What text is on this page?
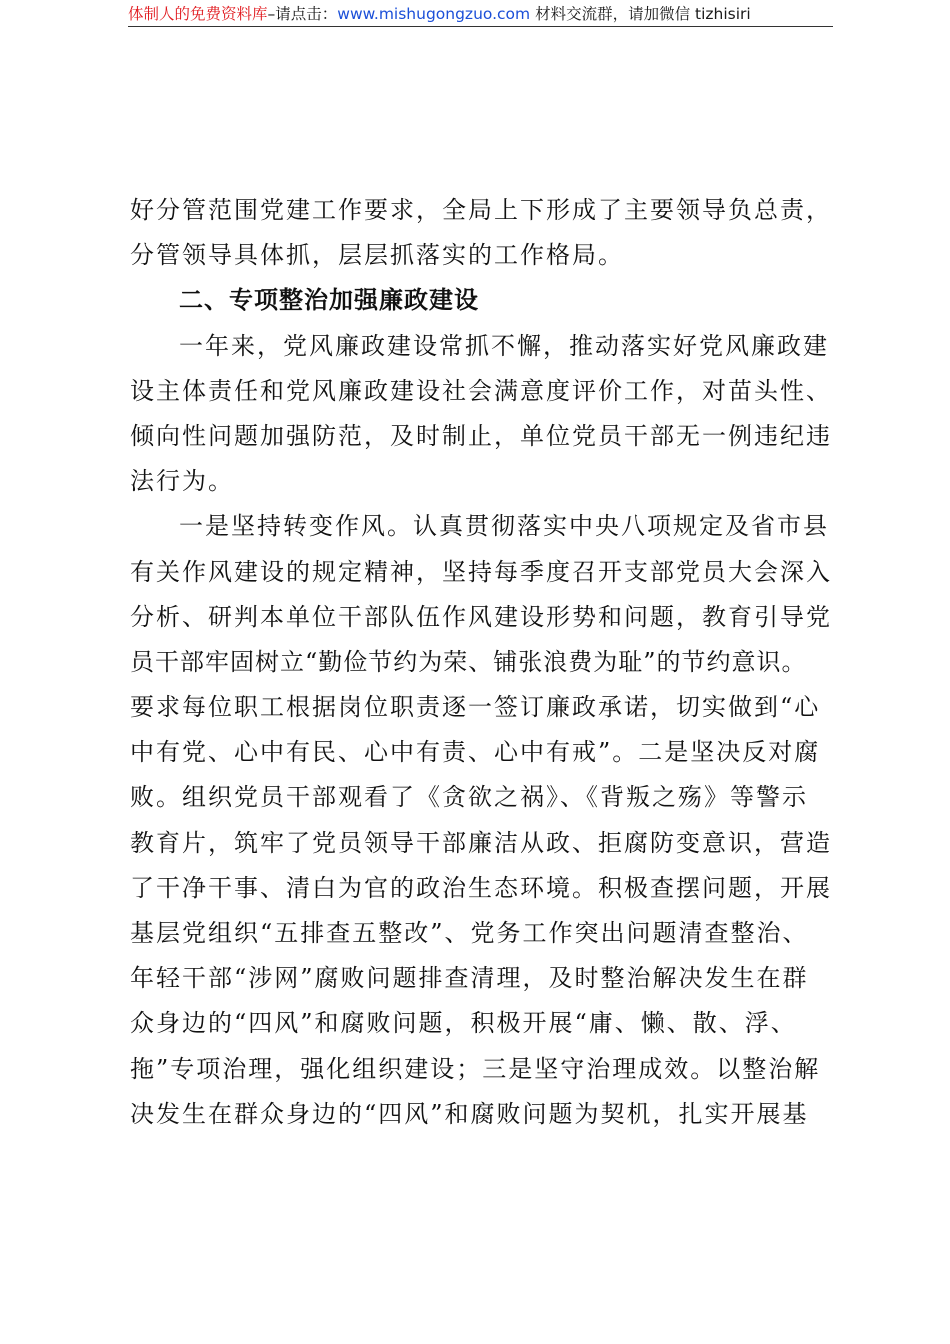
体制人的免费资料库–请点击：www.mishugongzuo.com 材料交流群，请加微信 tizhisiri
好分管范围党建工作要求，全局上下形成了主要领导负总责，
分管领导具体抓，层层抓落实的工作格局。
二、专项整治加强廉政建设
一年来，党风廉政建设常抓不懈，推动落实好党风廉政建
设主体责任和党风廉政建设社会满意度评价工作，对苗头性、
倾向性问题加强防范，及时制止，单位党员干部无一例违纪违
法行为。
一是坚持转变作风。认真贯彻落实中央八项规定及省市县
有关作风建设的规定精神，坚持每季度召开支部党员大会深入
分析、研判本单位干部队伍作风建设形势和问题，教育引导党
员干部牢固树立“勤俭节约为荣、铺张浪费为耻”的节约意识。
要求每位职工根据岗位职责逐一签订廉政承诺，切实做到“心
中有党、心中有民、心中有责、心中有戒”。二是坚决反对腐
败。组织党员干部观看了《贪欲之祸》、《背叛之殇》等警示
教育片，筑牢了党员领导干部廉洁从政、拒腐防变意识，营造
了干净干事、清白为官的政治生态环境。积极查摆问题，开展
基层党组织“五排查五整改”、党务工作突出问题清查整治、
年轻干部“涉网”腐败问题排查清理，及时整治解决发生在群
众身边的“四风”和腐败问题，积极开展“庸、懒、散、浮、
拖”专项治理，强化组织建设；三是坚守治理成效。以整治解
决发生在群众身边的“四风”和腐败问题为契机，扎实开展基
